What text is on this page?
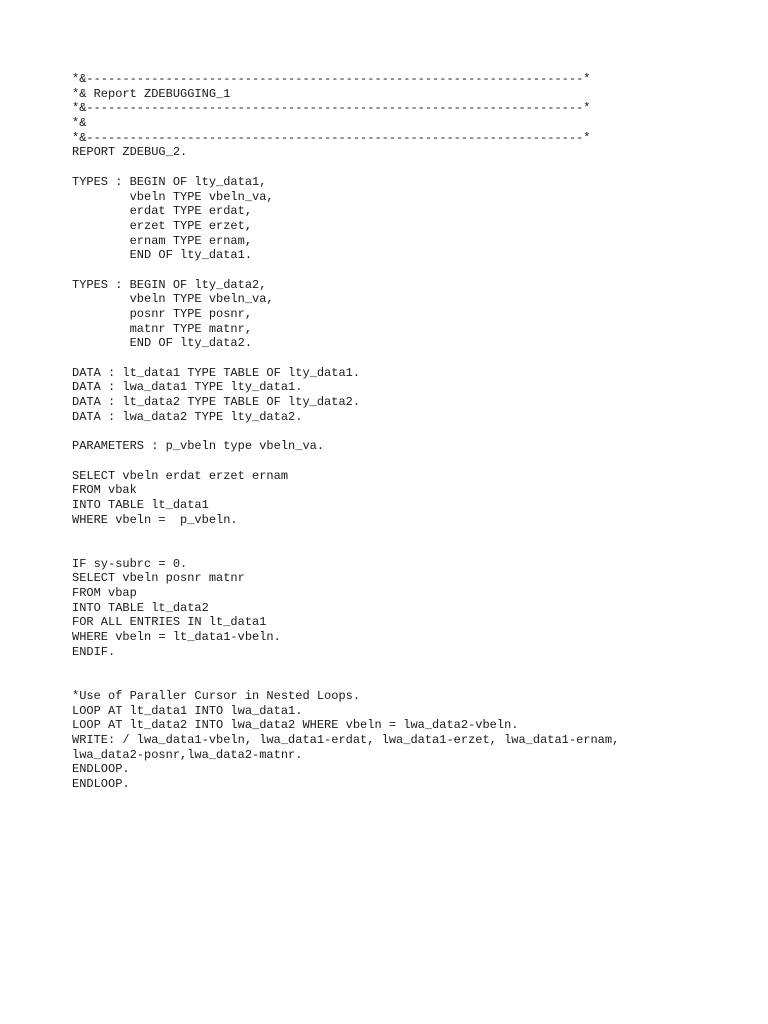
*&---------------------------------------------------------------------*
*& Report ZDEBUGGING_1
*&---------------------------------------------------------------------*
*&
*&---------------------------------------------------------------------*
REPORT ZDEBUG_2.
TYPES : BEGIN OF lty_data1,
vbeln TYPE vbeln_va,
erdat TYPE erdat,
erzet TYPE erzet,
ernam TYPE ernam,
END OF lty_data1.
TYPES : BEGIN OF lty_data2,
vbeln TYPE vbeln_va,
posnr TYPE posnr,
matnr TYPE matnr,
END OF lty_data2.
DATA : lt_data1 TYPE TABLE OF lty_data1.
DATA : lwa_data1 TYPE lty_data1.
DATA : lt_data2 TYPE TABLE OF lty_data2.
DATA : lwa_data2 TYPE lty_data2.
PARAMETERS : p_vbeln type vbeln_va.
SELECT vbeln erdat erzet ernam
FROM vbak
INTO TABLE lt_data1
WHERE vbeln =  p_vbeln.
IF sy-subrc = 0.
SELECT vbeln posnr matnr
FROM vbap
INTO TABLE lt_data2
FOR ALL ENTRIES IN lt_data1
WHERE vbeln = lt_data1-vbeln.
ENDIF.
*Use of Paraller Cursor in Nested Loops.
LOOP AT lt_data1 INTO lwa_data1.
LOOP AT lt_data2 INTO lwa_data2 WHERE vbeln = lwa_data2-vbeln.
WRITE: / lwa_data1-vbeln, lwa_data1-erdat, lwa_data1-erzet, lwa_data1-ernam,
lwa_data2-posnr,lwa_data2-matnr.
ENDLOOP.
ENDLOOP.
